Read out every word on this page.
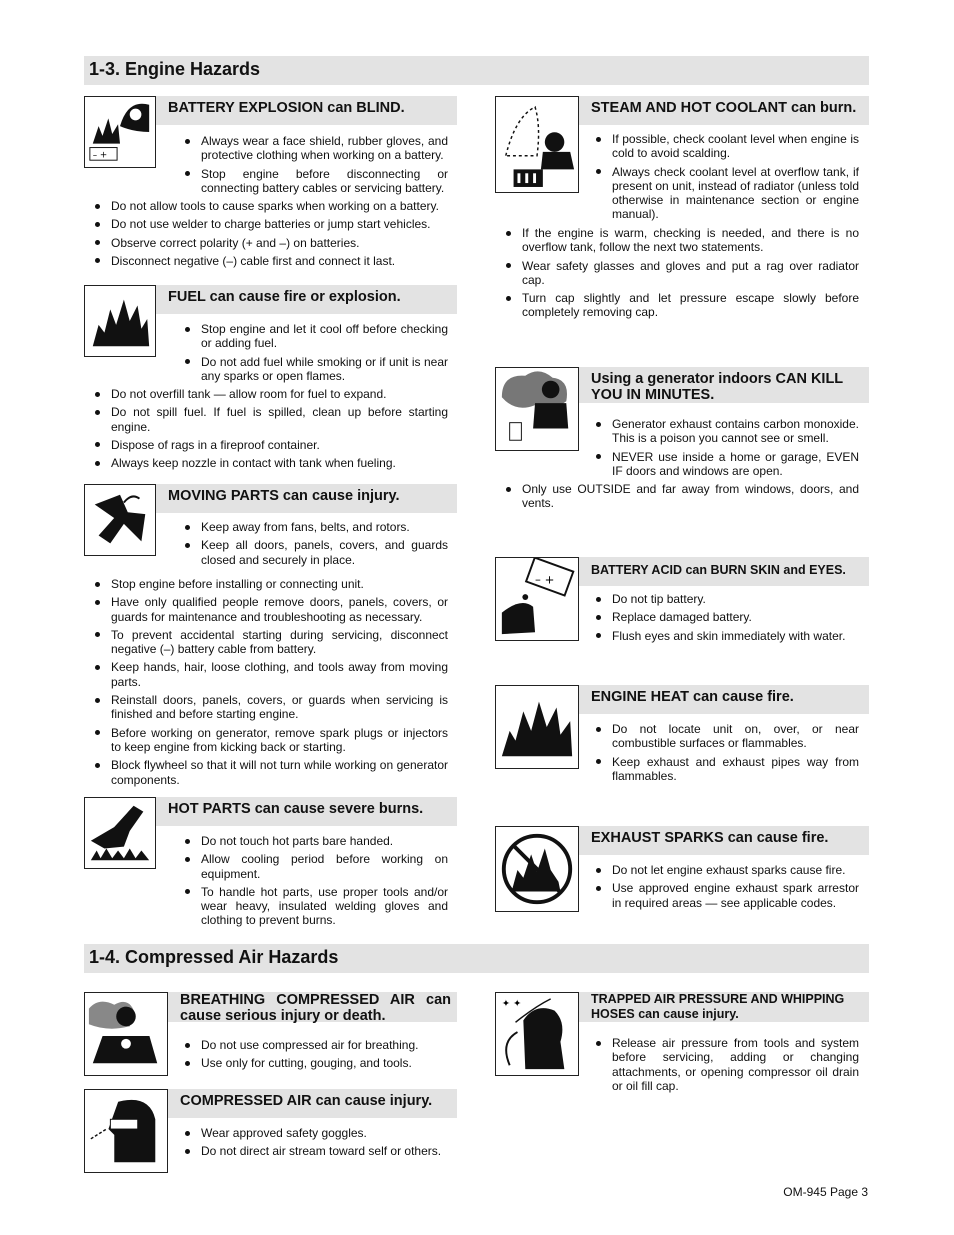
1-3. Engine Hazards
– +
BATTERY EXPLOSION can BLIND.
Always wear a face shield, rubber gloves, and protective clothing when working on a battery.
Stop engine before disconnecting or connecting battery cables or servicing battery.
Do not allow tools to cause sparks when working on a battery.
Do not use welder to charge batteries or jump start vehicles.
Observe correct polarity (+ and –) on batteries.
Disconnect negative (–) cable first and connect it last.
FUEL can cause fire or explosion.
Stop engine and let it cool off before checking or adding fuel.
Do not add fuel while smoking or if unit is near any sparks or open flames.
Do not overfill tank — allow room for fuel to expand.
Do not spill fuel. If fuel is spilled, clean up before starting engine.
Dispose of rags in a fireproof container.
Always keep nozzle in contact with tank when fueling.
MOVING PARTS can cause injury.
Keep away from fans, belts, and rotors.
Keep all doors, panels, covers, and guards closed and securely in place.
Stop engine before installing or connecting unit.
Have only qualified people remove doors, panels, covers, or guards for maintenance and troubleshooting as necessary.
To prevent accidental starting during servicing, disconnect negative (–) battery cable from battery.
Keep hands, hair, loose clothing, and tools away from moving parts.
Reinstall doors, panels, covers, or guards when servicing is finished and before starting engine.
Before working on generator, remove spark plugs or injectors to keep engine from kicking back or starting.
Block flywheel so that it will not turn while working on generator components.
HOT PARTS can cause severe burns.
Do not touch hot parts bare handed.
Allow cooling period before working on equipment.
To handle hot parts, use proper tools and/or wear heavy, insulated welding gloves and clothing to prevent burns.
STEAM AND HOT COOLANT can burn.
If possible, check coolant level when engine is cold to avoid scalding.
Always check coolant level at overflow tank, if present on unit, instead of radiator (unless told otherwise in maintenance section or engine manual).
If the engine is warm, checking is needed, and there is no overflow tank, follow the next two statements.
Wear safety glasses and gloves and put a rag over radiator cap.
Turn cap slightly and let pressure escape slowly before completely removing cap.
Using a generator indoors CAN KILL YOU IN MINUTES.
Generator exhaust contains carbon monoxide. This is a poison you cannot see or smell.
NEVER use inside a home or garage, EVEN IF doors and windows are open.
Only use OUTSIDE and far away from windows, doors, and vents.
– +
BATTERY ACID can BURN SKIN and EYES.
Do not tip battery.
Replace damaged battery.
Flush eyes and skin immediately with water.
ENGINE HEAT can cause fire.
Do not locate unit on, over, or near combustible surfaces or flammables.
Keep exhaust and exhaust pipes way from flammables.
EXHAUST SPARKS can cause fire.
Do not let engine exhaust sparks cause fire.
Use approved engine exhaust spark arrestor in required areas — see applicable codes.
1-4. Compressed Air Hazards
BREATHING COMPRESSED AIR can cause serious injury or death.
Do not use compressed air for breathing.
Use only for cutting, gouging, and tools.
COMPRESSED AIR can cause injury.
Wear approved safety goggles.
Do not direct air stream toward self or others.
✦ ✦	TRAPPED AIR PRESSURE AND WHIPPING HOSES can cause injury.
Release air pressure from tools and system before servicing, adding or changing attachments, or opening compressor oil drain or oil fill cap.
OM-945 Page 3
